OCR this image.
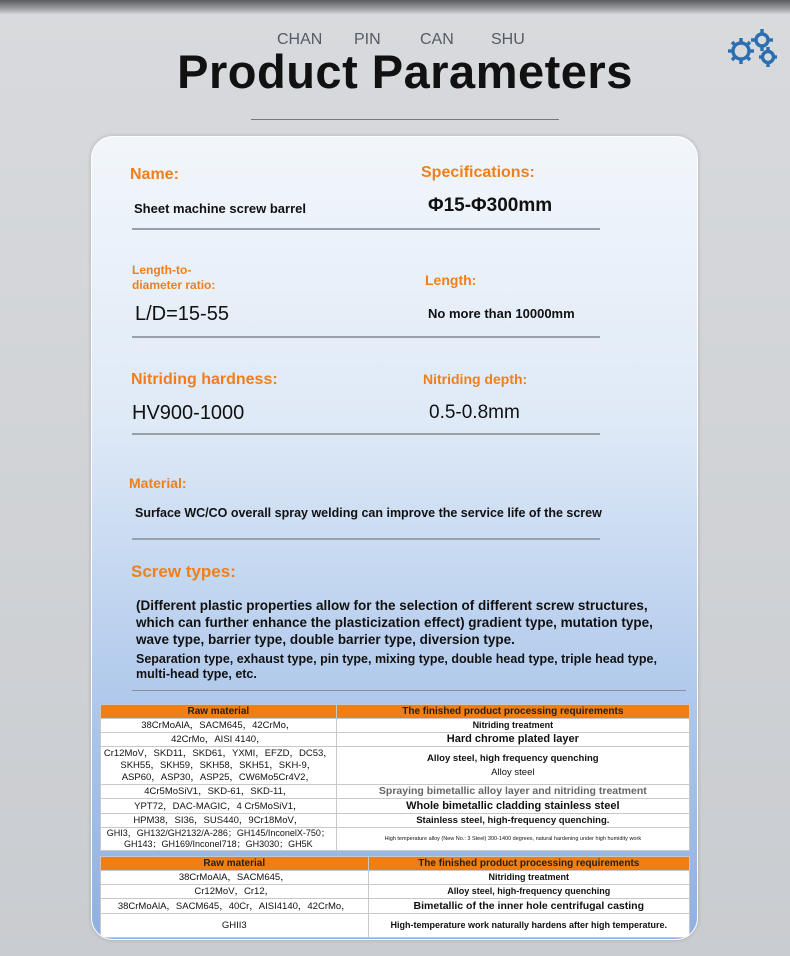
CHAN PIN CAN SHU
Product Parameters
Name:
Sheet machine screw barrel
Specifications:
Φ15-Φ300mm
Length-to-
diameter ratio:
L/D=15-55
Length:
No more than 10000mm
Nitriding hardness:
HV900-1000
Nitriding depth:
0.5-0.8mm
Material:
Surface WC/CO overall spray welding can improve the service life of the screw
Screw types:
(Different plastic properties allow for the selection of different screw structures, which can further enhance the plasticization effect) gradient type, mutation type, wave type, barrier type, double barrier type, diversion type.
Separation type, exhaust type, pin type, mixing type, double head type, triple head type, multi-head type, etc.
Raw material	The finished product processing requirements
38CrMoAlA，SACM645，42CrMo，	Nitriding treatment
42CrMo，AISI 4140，	Hard chrome plated layer
Cr12MoV，SKD11，SKD61，YXMI，EFZD，DC53，SKH55，SKH59，SKH58，SKH51，SKH-9，ASP60，ASP30，ASP25，CW6Mo5Cr4V2，	Alloy steel, high frequency quenching
Alloy steel

4Cr5MoSiV1，SKD-61，SKD-11，	Spraying bimetallic alloy layer and nitriding treatment
YPT72，DAC-MAGIC，4 Cr5MoSiV1，	Whole bimetallic cladding stainless steel
HPM38，SI36，SUS440，9Cr18MoV，	Stainless steel, high-frequency quenching.
GHI3，GH132/GH2132/A-286；GH145/InconelX-750；GH143；GH169/Inconel718；GH3030；GH5K	High temperature alloy (New No.: 3 Steel) 300-1400 degrees, natural hardening under high humidity work
Raw material	The finished product processing requirements
38CrMoAlA，SACM645，	Nitriding treatment
Cr12MoV，Cr12，	Alloy steel, high-frequency quenching
38CrMoAlA，SACM645，40Cr，AISI4140，42CrMo，	Bimetallic of the inner hole centrifugal casting
GHII3	High-temperature work naturally hardens after high temperature.
